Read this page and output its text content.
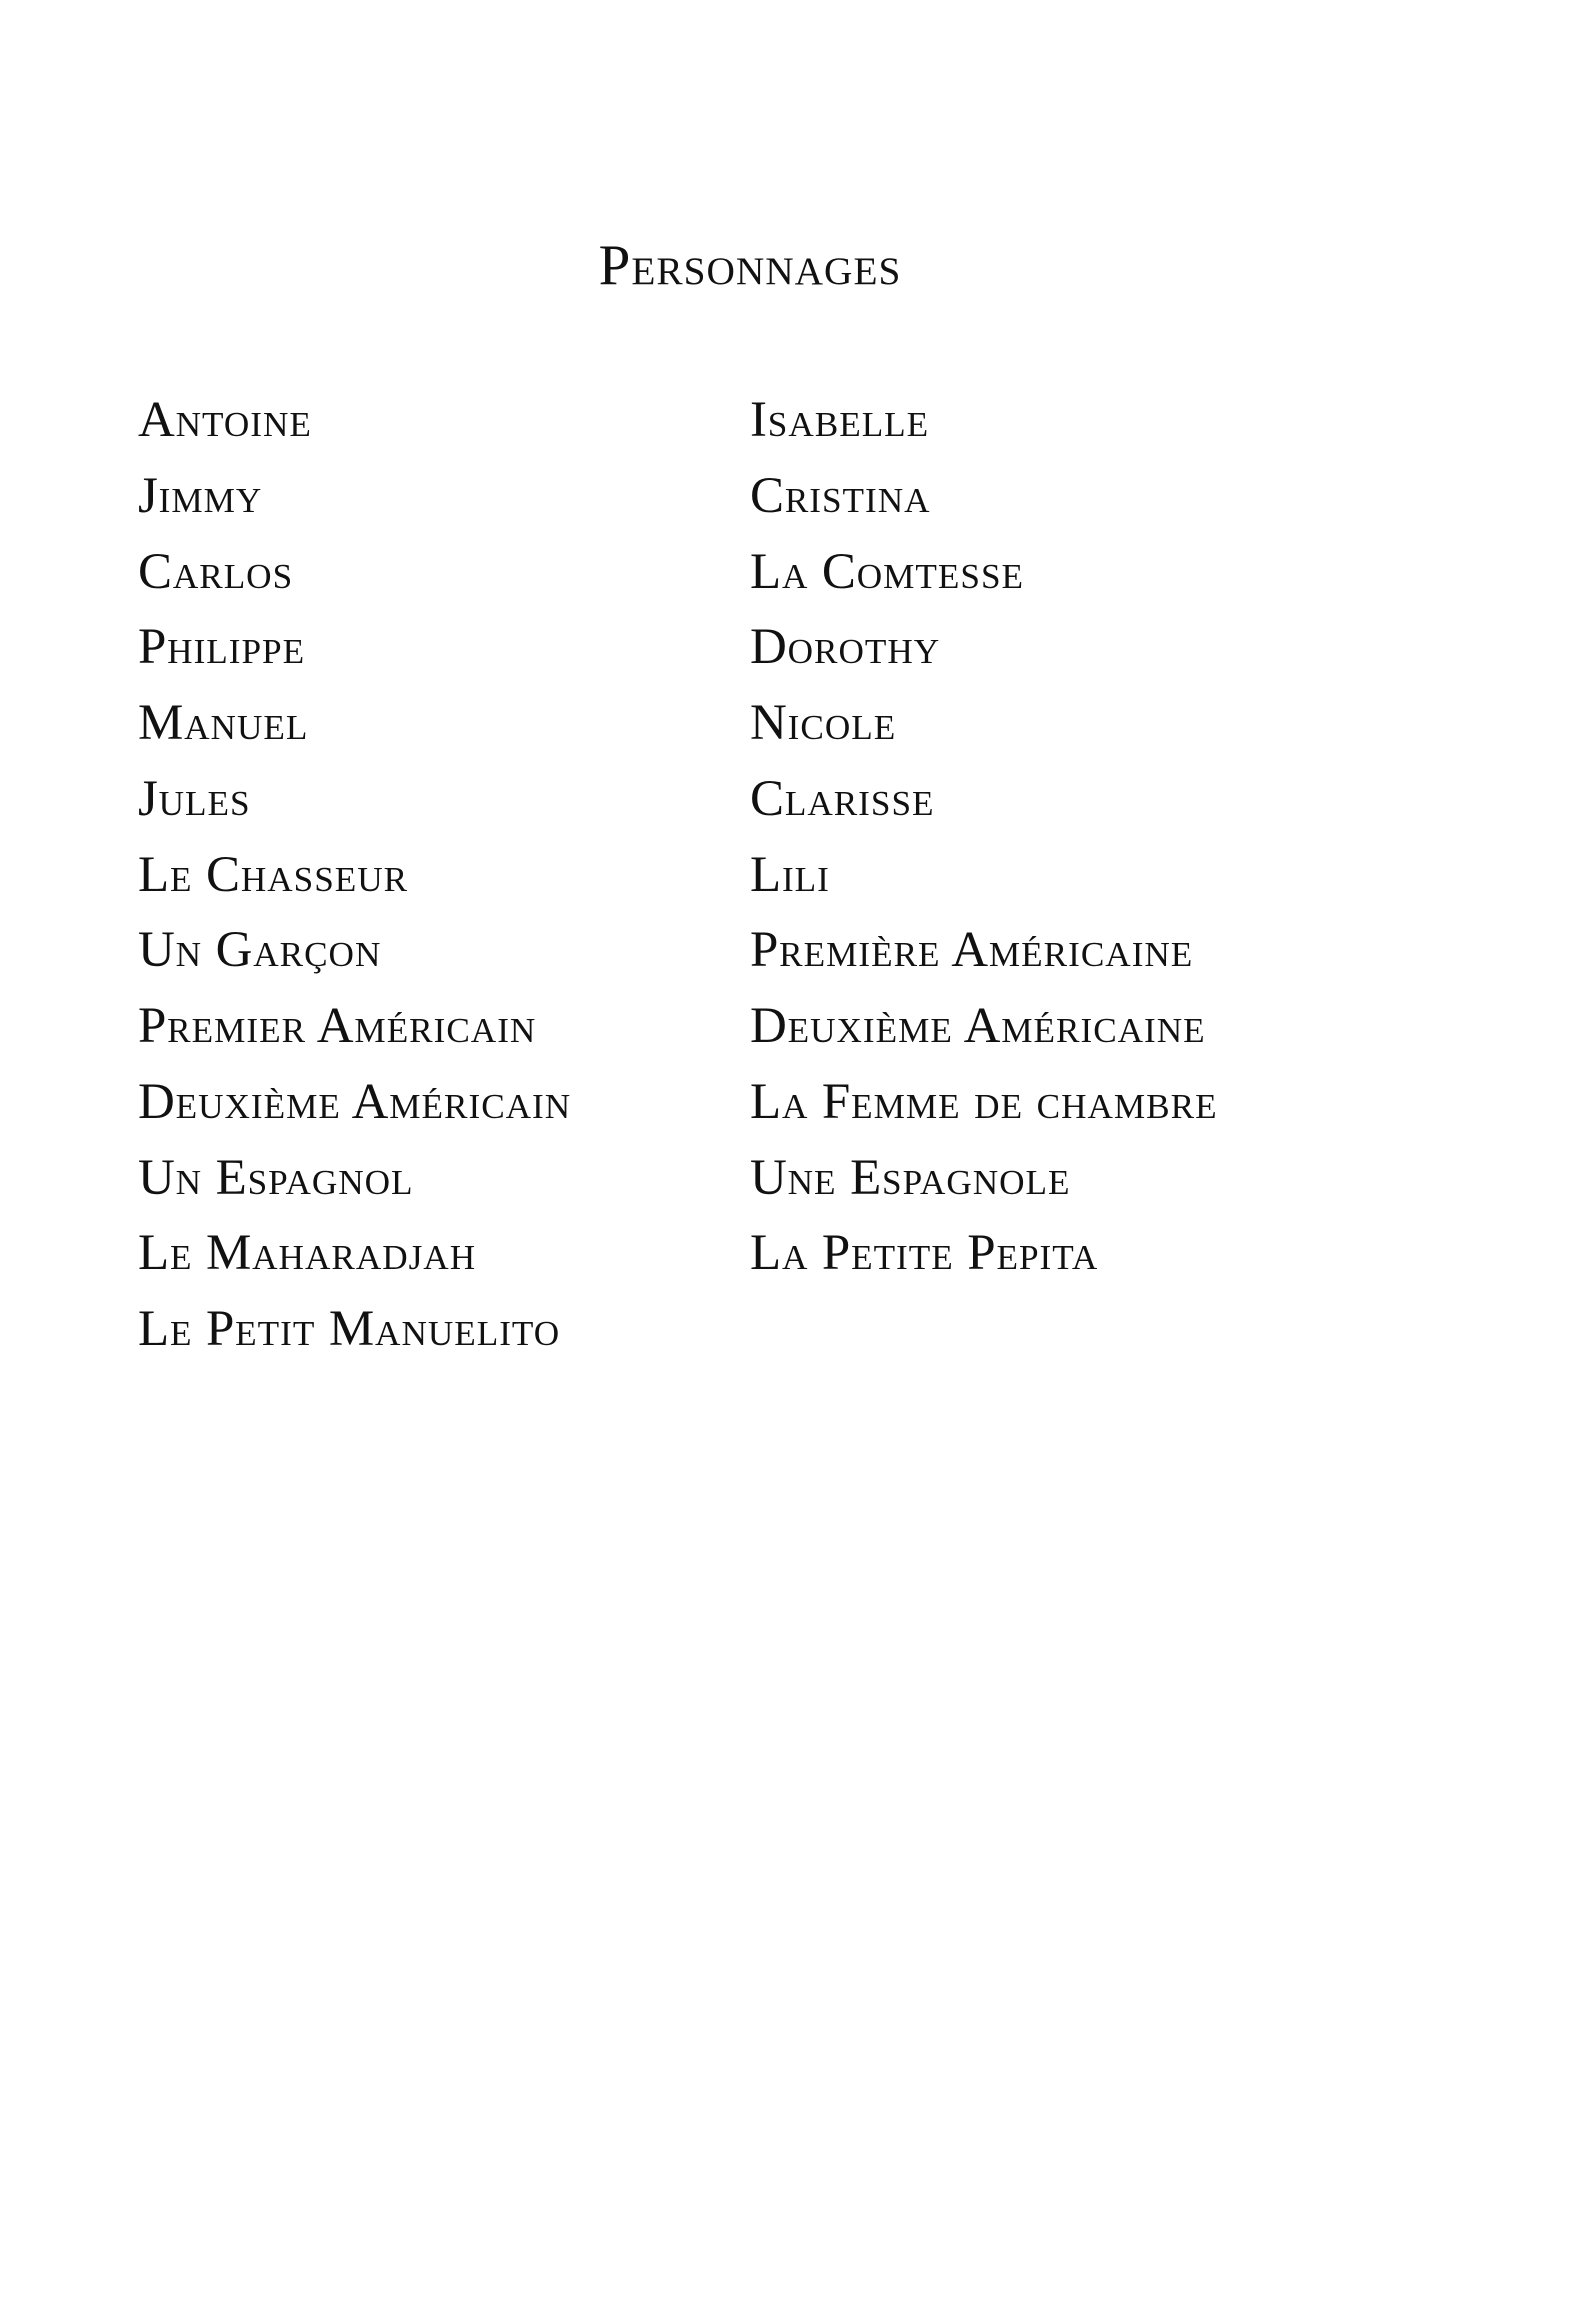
PERSONNAGES
ANTOINE
JIMMY
CARLOS
PHILIPPE
MANUEL
JULES
LE CHASSEUR
UN GARÇON
PREMIER AMÉRICAIN
DEUXIÈME AMÉRICAIN
UN ESPAGNOL
LE MAHARADJAH
LE PETIT MANUELITO
ISABELLE
CRISTINA
LA COMTESSE
DOROTHY
NICOLE
CLARISSE
LILI
PREMIÈRE AMÉRICAINE
DEUXIÈME AMÉRICAINE
LA FEMME DE CHAMBRE
UNE ESPAGNOLE
LA PETITE PEPITA
